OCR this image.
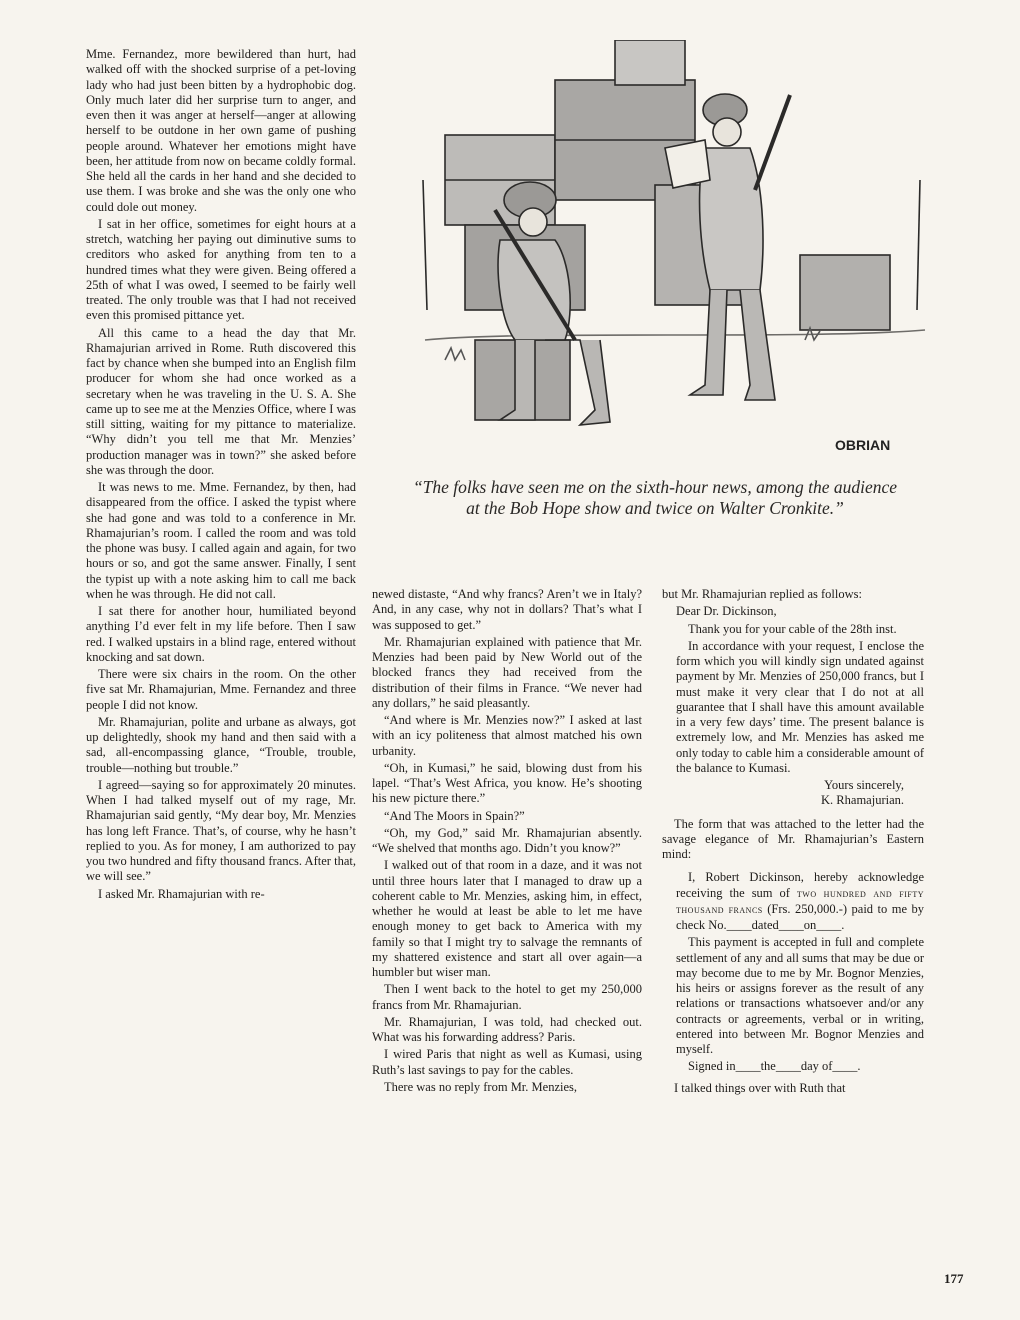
OBRIAN
“The folks have seen me on the sixth-hour news, among the audience at the Bob Hope show and twice on Walter Cronkite.”

Mme. Fernandez, more bewildered than hurt, had walked off with the shocked surprise of a pet-loving lady who had just been bitten by a hydrophobic dog. Only much later did her surprise turn to anger, and even then it was anger at herself—anger at allowing herself to be outdone in her own game of pushing people around. Whatever her emotions might have been, her attitude from now on became coldly formal. She held all the cards in her hand and she decided to use them. I was broke and she was the only one who could dole out money.

I sat in her office, sometimes for eight hours at a stretch, watching her paying out diminutive sums to creditors who asked for anything from ten to a hundred times what they were given. Being offered a 25th of what I was owed, I seemed to be fairly well treated. The only trouble was that I had not received even this promised pittance yet.

All this came to a head the day that Mr. Rhamajurian arrived in Rome. Ruth discovered this fact by chance when she bumped into an English film producer for whom she had once worked as a secretary when he was traveling in the U. S. A. She came up to see me at the Menzies Office, where I was still sitting, waiting for my pittance to materialize. “Why didn’t you tell me that Mr. Menzies’ production manager was in town?” she asked before she was through the door.

It was news to me. Mme. Fernandez, by then, had disappeared from the office. I asked the typist where she had gone and was told to a conference in Mr. Rhamajurian’s room. I called the room and was told the phone was busy. I called again and again, for two hours or so, and got the same answer. Finally, I sent the typist up with a note asking him to call me back when he was through. He did not call.

I sat there for another hour, humiliated beyond anything I’d ever felt in my life before. Then I saw red. I walked upstairs in a blind rage, entered without knocking and sat down.

There were six chairs in the room. On the other five sat Mr. Rhamajurian, Mme. Fernandez and three people I did not know.

Mr. Rhamajurian, polite and urbane as always, got up delightedly, shook my hand and then said with a sad, all-encompassing glance, “Trouble, trouble, trouble—nothing but trouble.”

I agreed—saying so for approximately 20 minutes. When I had talked myself out of my rage, Mr. Rhamajurian said gently, “My dear boy, Mr. Menzies has long left France. That’s, of course, why he hasn’t replied to you. As for money, I am authorized to pay you two hundred and fifty thousand francs. After that, we will see.”

I asked Mr. Rhamajurian with re-

newed distaste, “And why francs? Aren’t we in Italy? And, in any case, why not in dollars? That’s what I was supposed to get.”

Mr. Rhamajurian explained with patience that Mr. Menzies had been paid by New World out of the blocked francs they had received from the distribution of their films in France. “We never had any dollars,” he said pleasantly.

“And where is Mr. Menzies now?” I asked at last with an icy politeness that almost matched his own urbanity.

“Oh, in Kumasi,” he said, blowing dust from his lapel. “That’s West Africa, you know. He’s shooting his new picture there.”

“And The Moors in Spain?”

“Oh, my God,” said Mr. Rhamajurian absently. “We shelved that months ago. Didn’t you know?”

I walked out of that room in a daze, and it was not until three hours later that I managed to draw up a coherent cable to Mr. Menzies, asking him, in effect, whether he would at least be able to let me have enough money to get back to America with my family so that I might try to salvage the remnants of my shattered existence and start all over again—a humbler but wiser man.

Then I went back to the hotel to get my 250,000 francs from Mr. Rhamajurian.

Mr. Rhamajurian, I was told, had checked out. What was his forwarding address? Paris.

I wired Paris that night as well as Kumasi, using Ruth’s last savings to pay for the cables.

There was no reply from Mr. Menzies,

but Mr. Rhamajurian replied as follows:

Dear Dr. Dickinson,

Thank you for your cable of the 28th inst.

In accordance with your request, I enclose the form which you will kindly sign undated against payment by Mr. Menzies of 250,000 francs, but I must make it very clear that I do not at all guarantee that I shall have this amount available in a very few days’ time. The present balance is extremely low, and Mr. Menzies has asked me only today to cable him a considerable amount of the balance to Kumasi.

Yours sincerely,

K. Rhamajurian.

The form that was attached to the letter had the savage elegance of Mr. Rhamajurian’s Eastern mind:

I, Robert Dickinson, hereby acknowledge receiving the sum of two hundred and fifty thousand francs (Frs. 250,000.-) paid to me by check No.____dated____on____.

This payment is accepted in full and complete settlement of any and all sums that may be due or may become due to me by Mr. Bognor Menzies, his heirs or assigns forever as the result of any relations or transactions whatsoever and/or any contracts or agreements, verbal or in writing, entered into between Mr. Bognor Menzies and myself.

Signed in____the____day of____.

I talked things over with Ruth that

177
